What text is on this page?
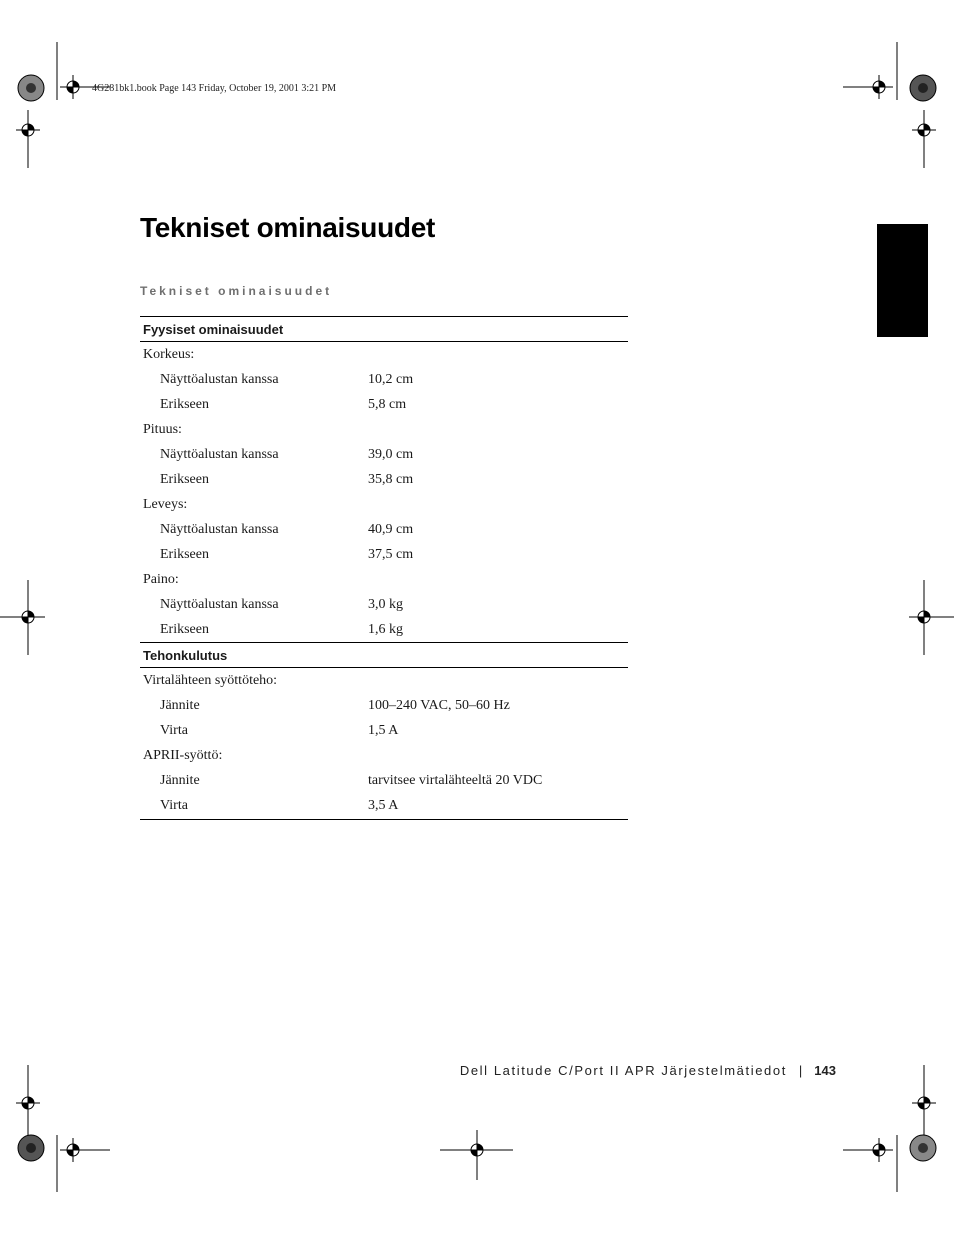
4G281bk1.book Page 143 Friday, October 19, 2001 3:21 PM
Tekniset ominaisuudet
Tekniset ominaisuudet
Fyysiset ominaisuudet	
Korkeus:	
Näyttöalustan kanssa	10,2 cm
Erikseen	5,8 cm
Pituus:	
Näyttöalustan kanssa	39,0 cm
Erikseen	35,8 cm
Leveys:	
Näyttöalustan kanssa	40,9 cm
Erikseen	37,5 cm
Paino:	
Näyttöalustan kanssa	3,0 kg
Erikseen	1,6 kg
Tehonkulutus	
Virtalähteen syöttöteho:	
Jännite	100–240 VAC, 50–60 Hz
Virta	1,5 A
APRII-syöttö:	
Jännite	tarvitsee virtalähteeltä 20 VDC
Virta	3,5 A
Dell Latitude C/Port II APR Järjestelmätiedot | 143
